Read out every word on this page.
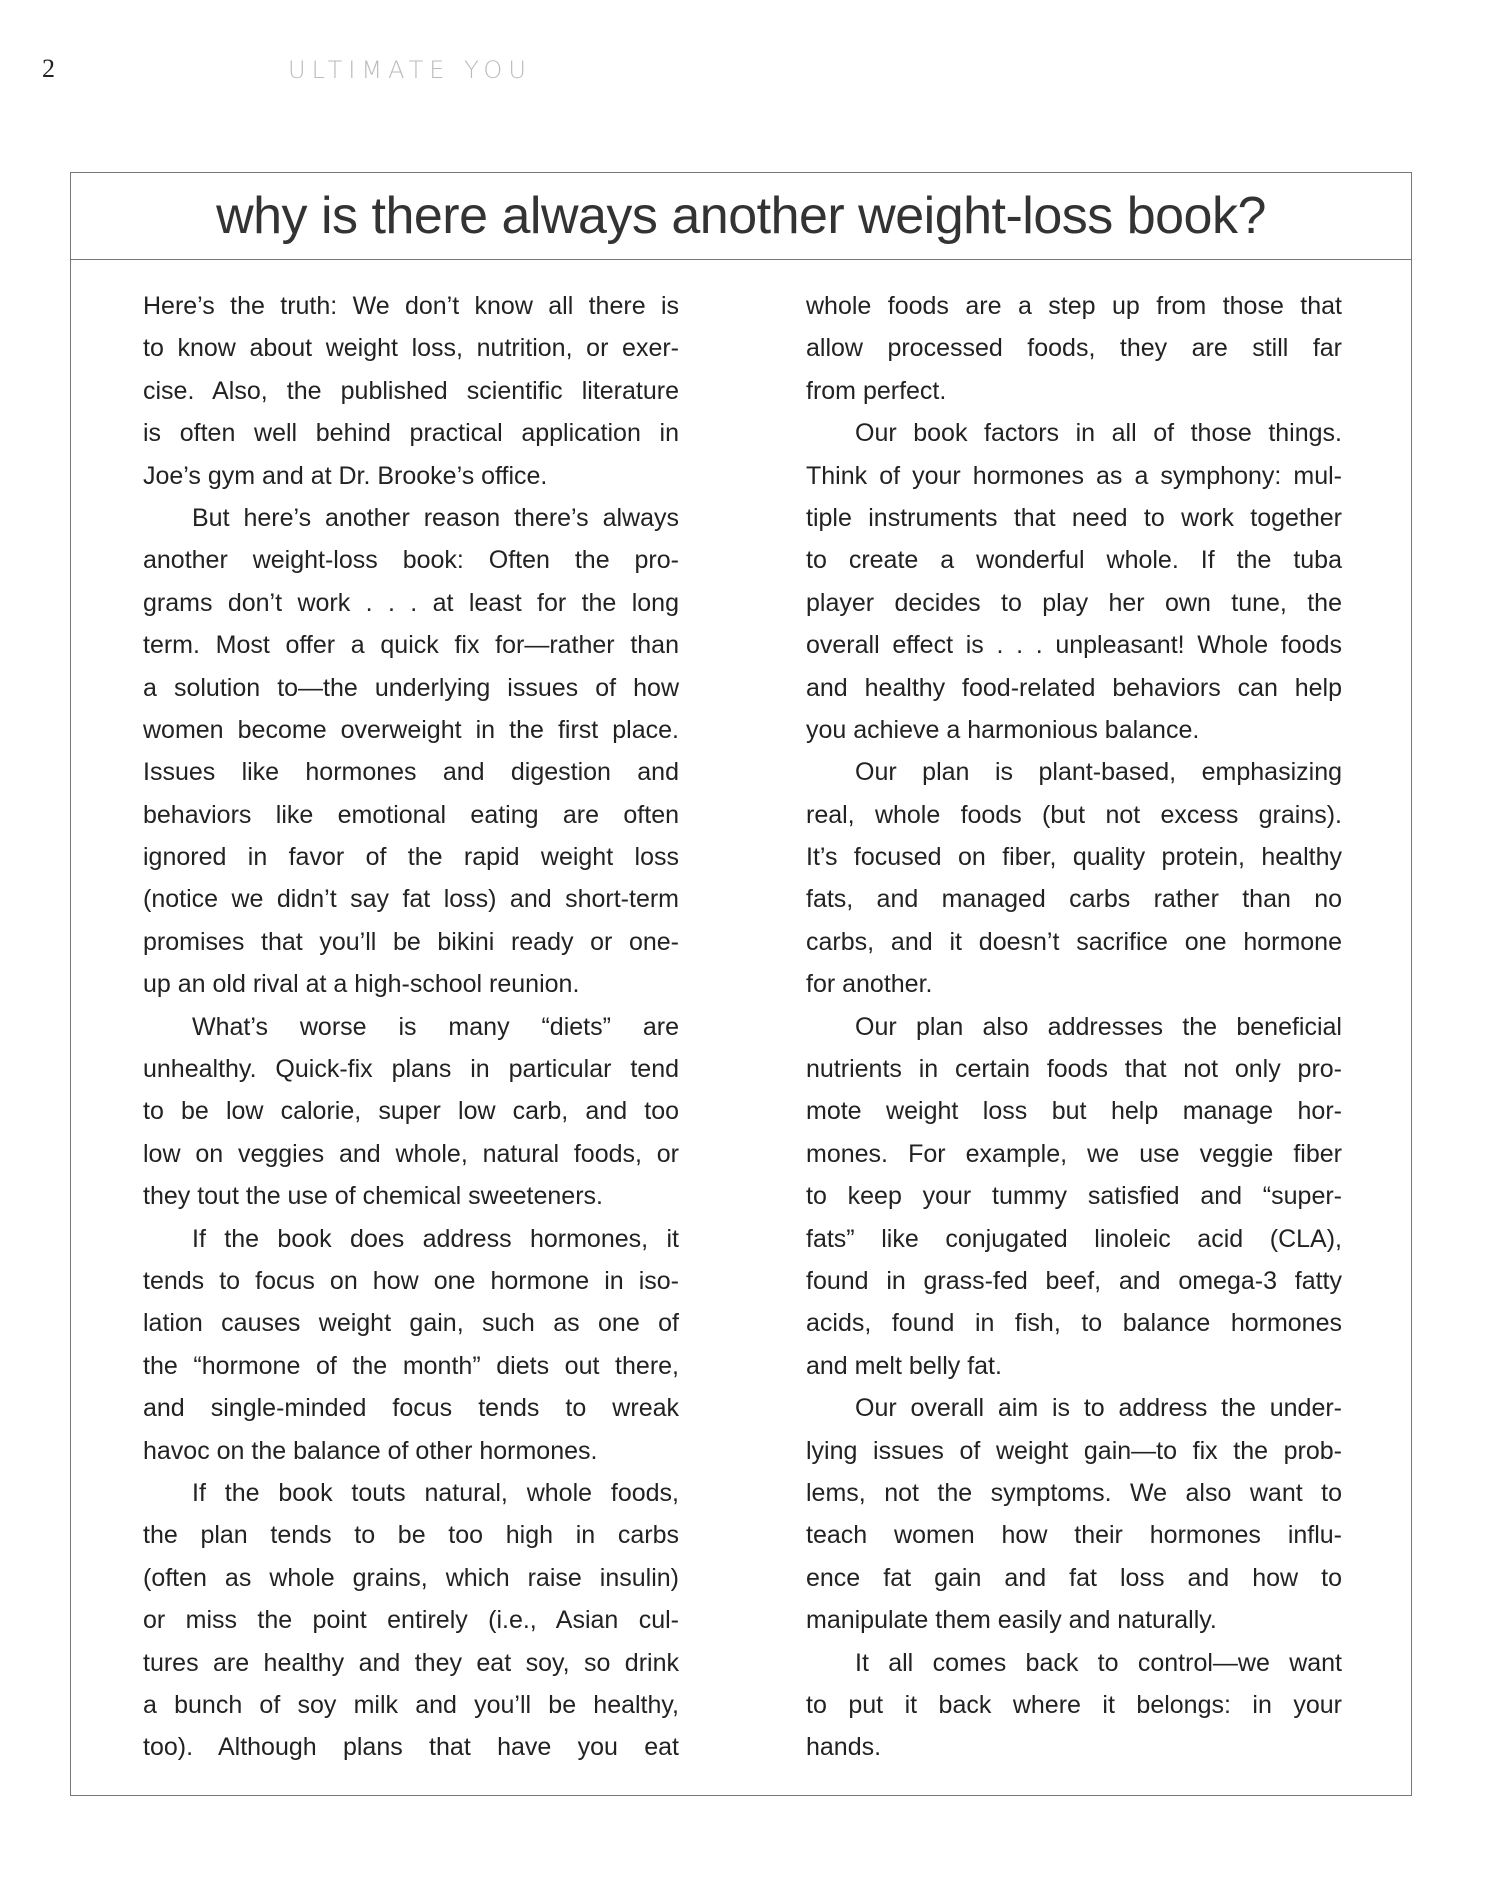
2	ULTIMATE YOU
why is there always another weight-loss book?
Here’s the truth: We don’t know all there is
to know about weight loss, nutrition, or exer-
cise. Also, the published scientific literature
is often well behind practical application in
Joe’s gym and at Dr. Brooke’s office.
But here’s another reason there’s always
another weight-loss book: Often the pro-
grams don’t work . . . at least for the long
term. Most offer a quick fix for—rather than
a solution to—the underlying issues of how
women become overweight in the first place.
Issues like hormones and digestion and
behaviors like emotional eating are often
ignored in favor of the rapid weight loss
(notice we didn’t say fat loss) and short-term
promises that you’ll be bikini ready or one-
up an old rival at a high-school reunion.
What’s worse is many “diets” are
unhealthy. Quick-fix plans in particular tend
to be low calorie, super low carb, and too
low on veggies and whole, natural foods, or
they tout the use of chemical sweeteners.
If the book does address hormones, it
tends to focus on how one hormone in iso-
lation causes weight gain, such as one of
the “hormone of the month” diets out there,
and single-minded focus tends to wreak
havoc on the balance of other hormones.
If the book touts natural, whole foods,
the plan tends to be too high in carbs
(often as whole grains, which raise insulin)
or miss the point entirely (i.e., Asian cul-
tures are healthy and they eat soy, so drink
a bunch of soy milk and you’ll be healthy,
too). Although plans that have you eat
whole foods are a step up from those that
allow processed foods, they are still far
from perfect.
Our book factors in all of those things.
Think of your hormones as a symphony: mul-
tiple instruments that need to work together
to create a wonderful whole. If the tuba
player decides to play her own tune, the
overall effect is . . . unpleasant! Whole foods
and healthy food-related behaviors can help
you achieve a harmonious balance.
Our plan is plant-based, emphasizing
real, whole foods (but not excess grains).
It’s focused on fiber, quality protein, healthy
fats, and managed carbs rather than no
carbs, and it doesn’t sacrifice one hormone
for another.
Our plan also addresses the beneficial
nutrients in certain foods that not only pro-
mote weight loss but help manage hor-
mones. For example, we use veggie fiber
to keep your tummy satisfied and “super-
fats” like conjugated linoleic acid (CLA),
found in grass-fed beef, and omega-3 fatty
acids, found in fish, to balance hormones
and melt belly fat.
Our overall aim is to address the under-
lying issues of weight gain—to fix the prob-
lems, not the symptoms. We also want to
teach women how their hormones influ-
ence fat gain and fat loss and how to
manipulate them easily and naturally.
It all comes back to control—we want
to put it back where it belongs: in your
hands.
